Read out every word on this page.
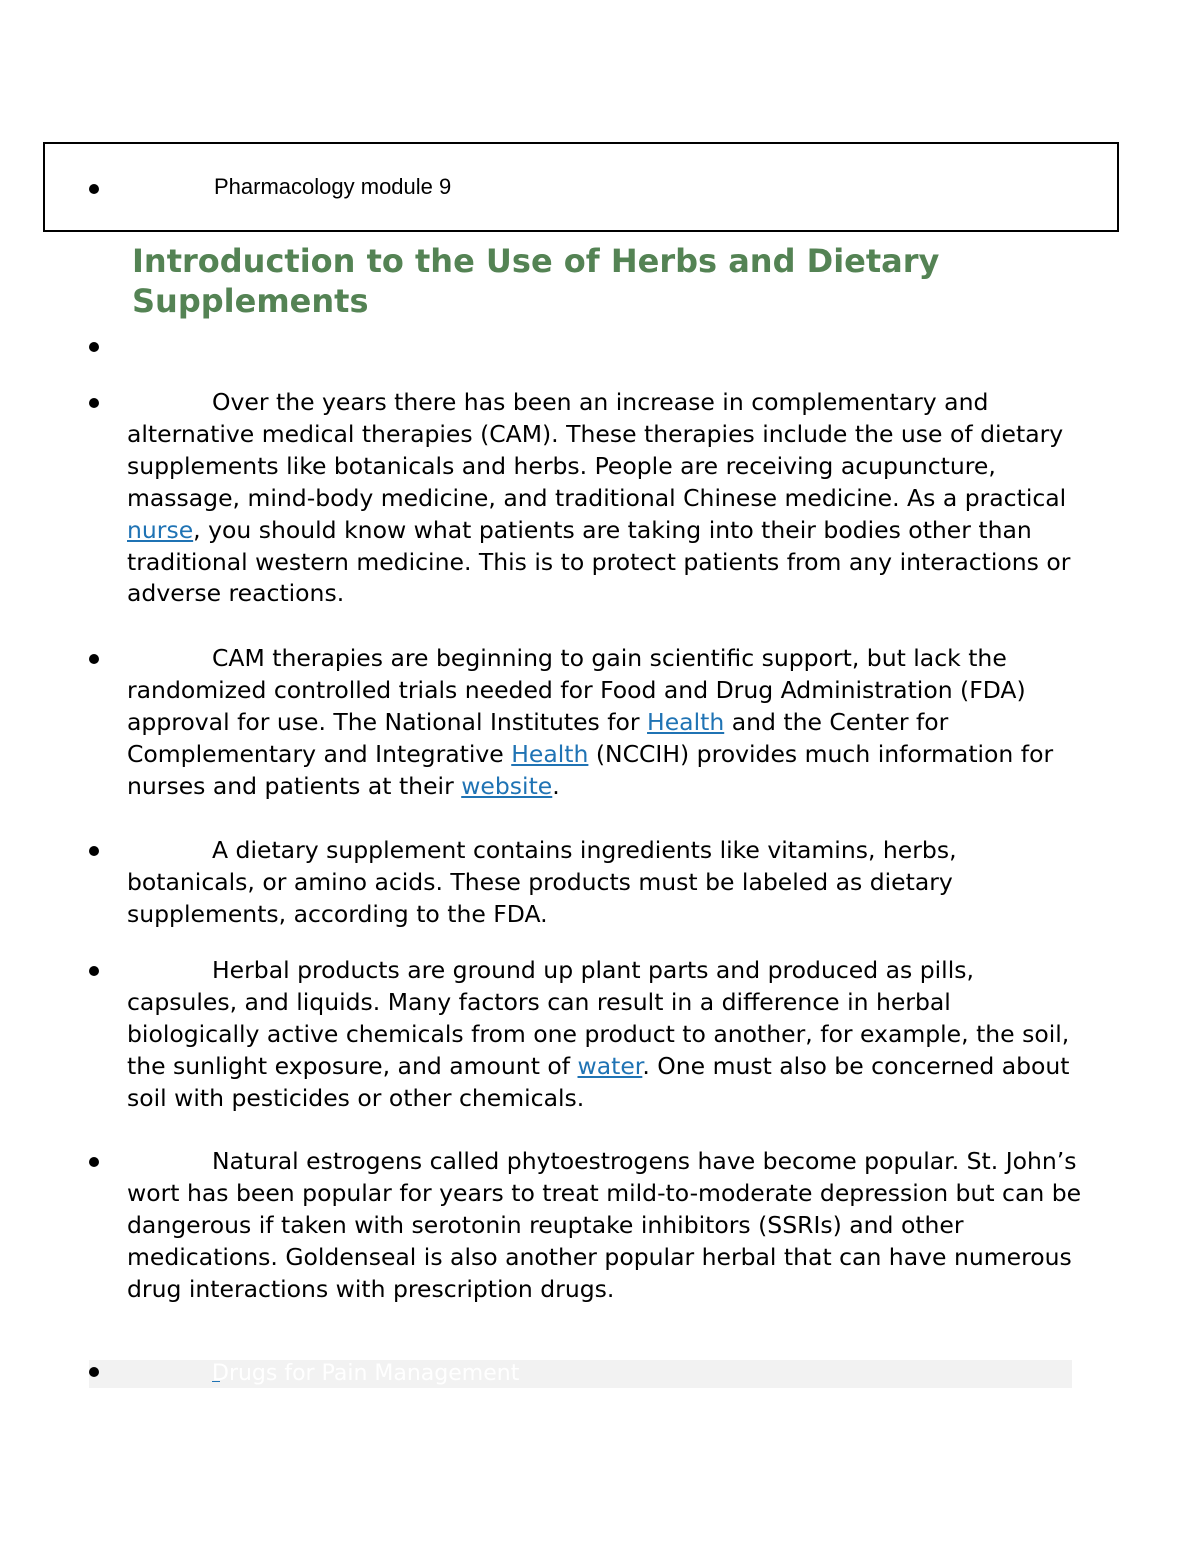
Pharmacology module 9
Introduction to the Use of Herbs and Dietary Supplements
Over the years there has been an increase in complementary and alternative medical therapies (CAM). These therapies include the use of dietary supplements like botanicals and herbs. People are receiving acupuncture, massage, mind-body medicine, and traditional Chinese medicine. As a practical nurse, you should know what patients are taking into their bodies other than traditional western medicine. This is to protect patients from any interactions or adverse reactions.
CAM therapies are beginning to gain scientific support, but lack the randomized controlled trials needed for Food and Drug Administration (FDA) approval for use. The National Institutes for Health and the Center for Complementary and Integrative Health (NCCIH) provides much information for nurses and patients at their website.
A dietary supplement contains ingredients like vitamins, herbs, botanicals, or amino acids. These products must be labeled as dietary supplements, according to the FDA.
Herbal products are ground up plant parts and produced as pills, capsules, and liquids. Many factors can result in a difference in herbal biologically active chemicals from one product to another, for example, the soil, the sunlight exposure, and amount of water. One must also be concerned about soil with pesticides or other chemicals.
Natural estrogens called phytoestrogens have become popular. St. John’s wort has been popular for years to treat mild-to-moderate depression but can be dangerous if taken with serotonin reuptake inhibitors (SSRIs) and other medications. Goldenseal is also another popular herbal that can have numerous drug interactions with prescription drugs.
Drugs for Pain Management
